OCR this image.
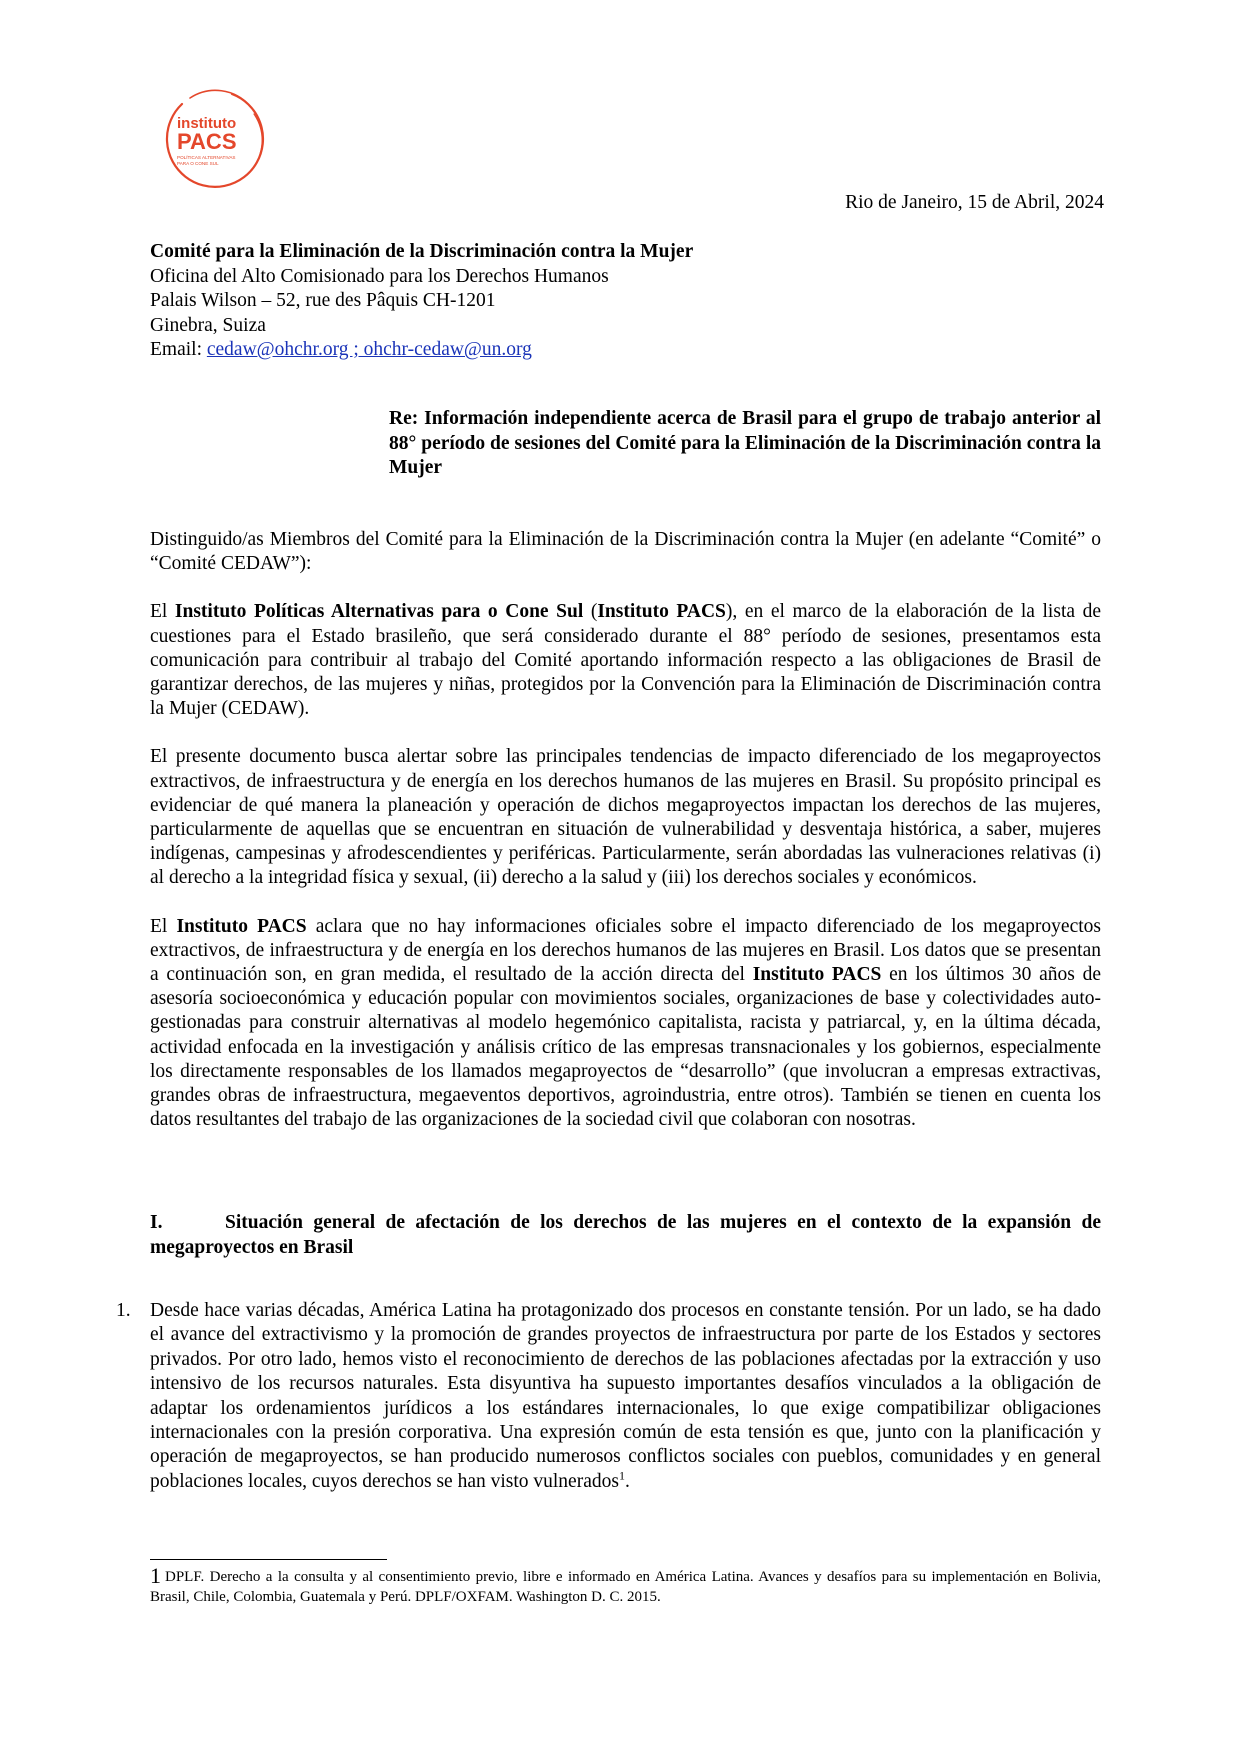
instituto
PACS
POLÍTICAS ALTERNATIVAS
PARA O CONE SUL
Rio de Janeiro, 15 de Abril, 2024
Comité para la Eliminación de la Discriminación contra la Mujer
Oficina del Alto Comisionado para los Derechos Humanos
Palais Wilson – 52, rue des Pâquis CH-1201
Ginebra, Suiza
Email: cedaw@ohchr.org ; ohchr-cedaw@un.org
Re: Información independiente acerca de Brasil para el grupo de trabajo anterior al 88° período de sesiones del Comité para la Eliminación de la Discriminación contra la Mujer

Distinguido/as Miembros del Comité para la Eliminación de la Discriminación contra la Mujer (en adelante “Comité” o “Comité CEDAW”):

El Instituto Políticas Alternativas para o Cone Sul (Instituto PACS), en el marco de la elaboración de la lista de cuestiones para el Estado brasileño, que será considerado durante el 88° período de sesiones, presentamos esta comunicación para contribuir al trabajo del Comité aportando información respecto a las obligaciones de Brasil de garantizar derechos, de las mujeres y niñas, protegidos por la Convención para la Eliminación de Discriminación contra la Mujer (CEDAW).

El presente documento busca alertar sobre las principales tendencias de impacto diferenciado de los megaproyectos extractivos, de infraestructura y de energía en los derechos humanos de las mujeres en Brasil. Su propósito principal es evidenciar de qué manera la planeación y operación de dichos megaproyectos impactan los derechos de las mujeres, particularmente de aquellas que se encuentran en situación de vulnerabilidad y desventaja histórica, a saber, mujeres indígenas, campesinas y afrodescendientes y periféricas. Particularmente, serán abordadas las vulneraciones relativas (i) al derecho a la integridad física y sexual, (ii) derecho a la salud y (iii) los derechos sociales y económicos.

El Instituto PACS aclara que no hay informaciones oficiales sobre el impacto diferenciado de los megaproyectos extractivos, de infraestructura y de energía en los derechos humanos de las mujeres en Brasil. Los datos que se presentan a continuación son, en gran medida, el resultado de la acción directa del Instituto PACS en los últimos 30 años de asesoría socioeconómica y educación popular con movimientos sociales, organizaciones de base y colectividades auto-gestionadas para construir alternativas al modelo hegemónico capitalista, racista y patriarcal, y, en la última década, actividad enfocada en la investigación y análisis crítico de las empresas transnacionales y los gobiernos, especialmente los directamente responsables de los llamados megaproyectos de “desarrollo” (que involucran a empresas extractivas, grandes obras de infraestructura, megaeventos deportivos, agroindustria, entre otros). También se tienen en cuenta los datos resultantes del trabajo de las organizaciones de la sociedad civil que colaboran con nosotras.

I.	Situación general de afectación de los derechos de las mujeres en el contexto de la expansión de megaproyectos en Brasil
1. Desde hace varias décadas, América Latina ha protagonizado dos procesos en constante tensión. Por un lado, se ha dado el avance del extractivismo y la promoción de grandes proyectos de infraestructura por parte de los Estados y sectores privados. Por otro lado, hemos visto el reconocimiento de derechos de las poblaciones afectadas por la extracción y uso intensivo de los recursos naturales. Esta disyuntiva ha supuesto importantes desafíos vinculados a la obligación de adaptar los ordenamientos jurídicos a los estándares internacionales, lo que exige compatibilizar obligaciones internacionales con la presión corporativa. Una expresión común de esta tensión es que, junto con la planificación y operación de megaproyectos, se han producido numerosos conflictos sociales con pueblos, comunidades y en general poblaciones locales, cuyos derechos se han visto vulnerados$^1$.
1 DPLF. Derecho a la consulta y al consentimiento previo, libre e informado en América Latina. Avances y desafíos para su implementación en Bolivia, Brasil, Chile, Colombia, Guatemala y Perú. DPLF/OXFAM. Washington D. C. 2015.
